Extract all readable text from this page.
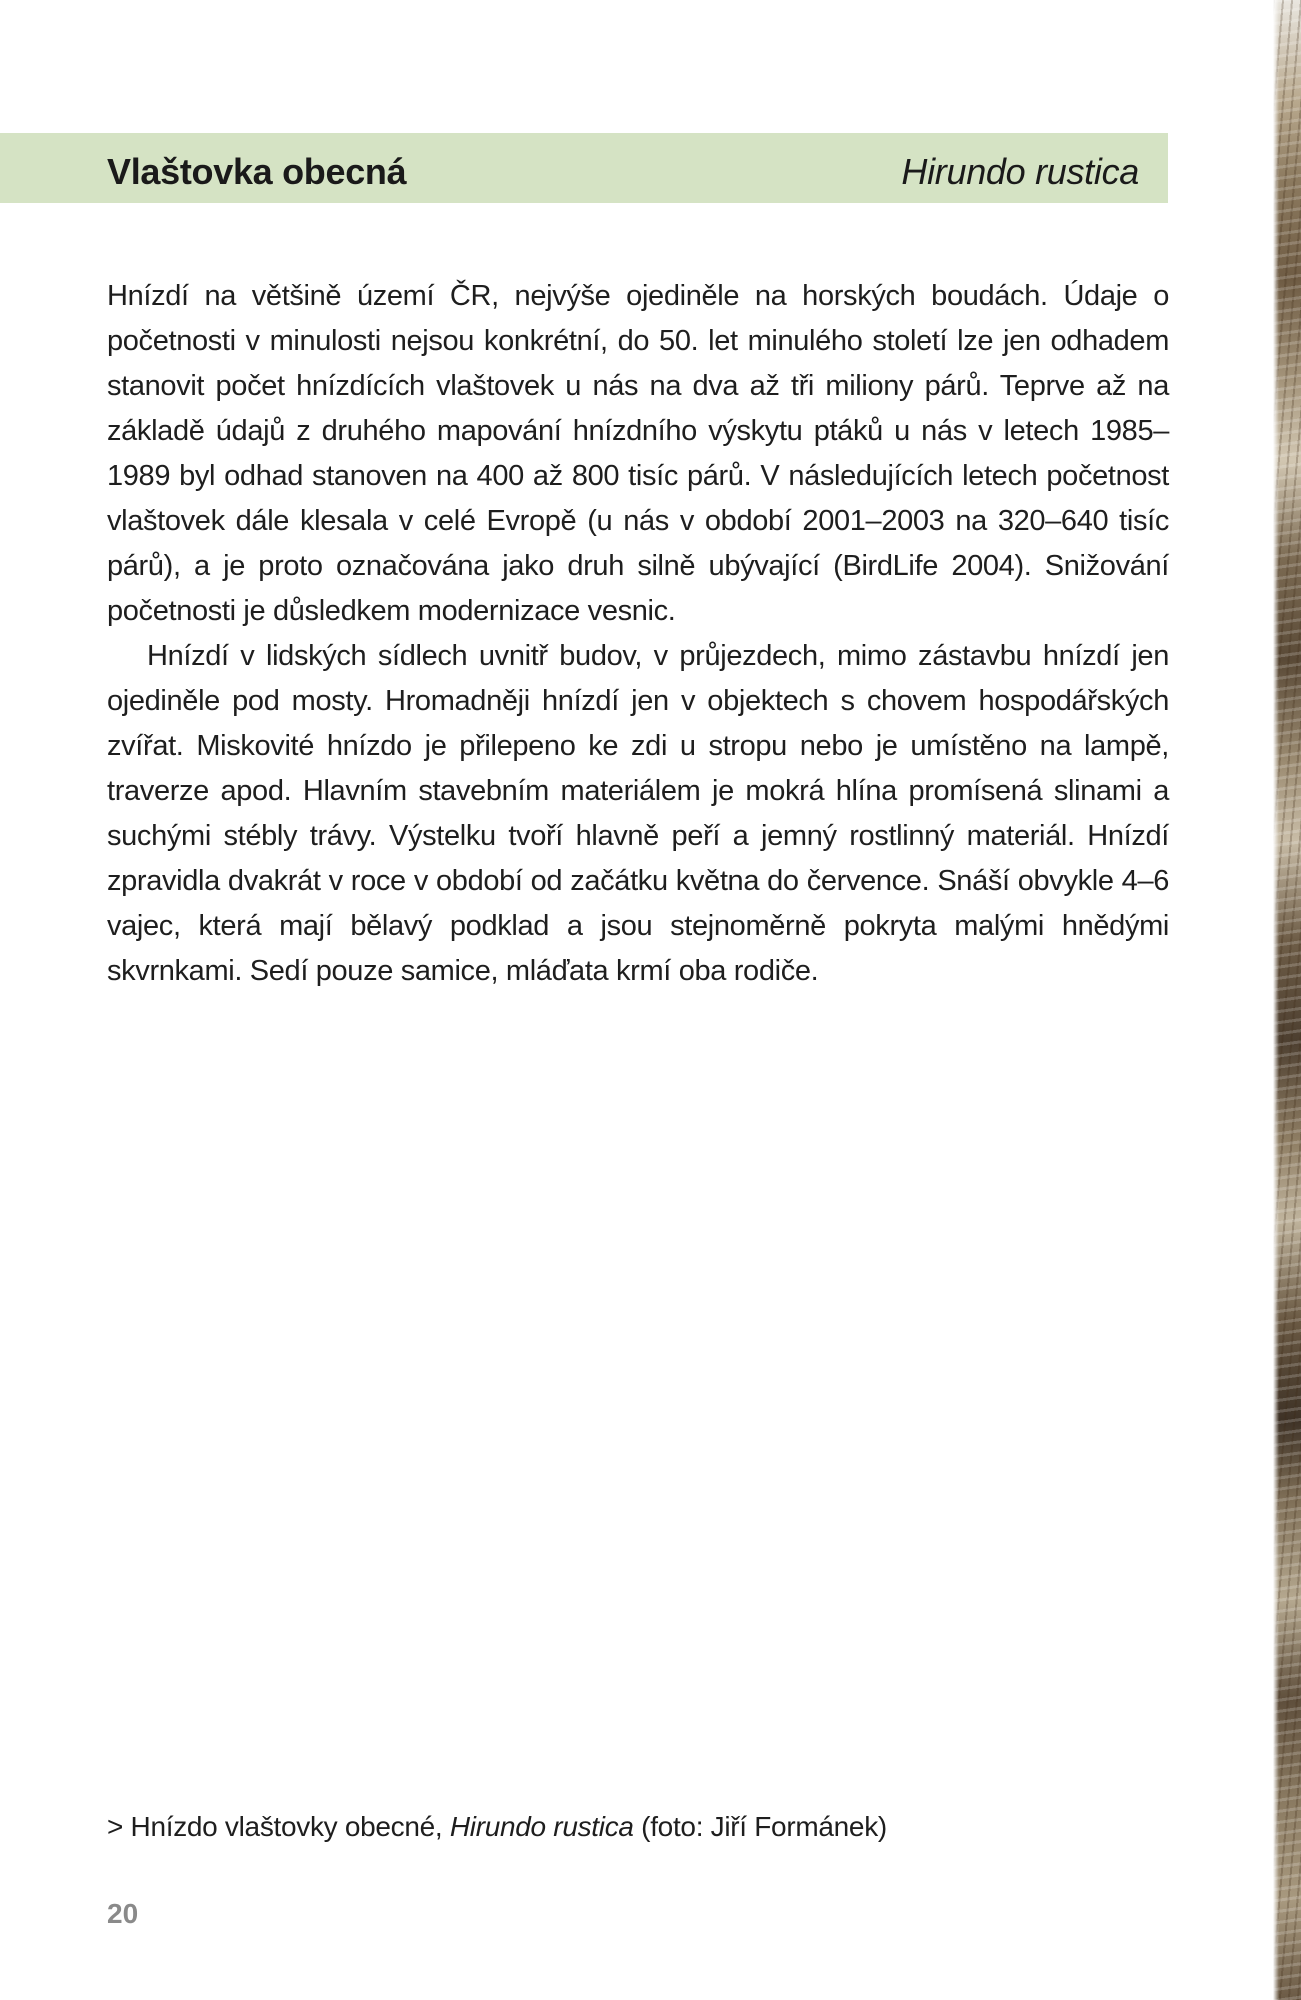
Vlaštovka obecná	Hirundo rustica

Hnízdí na většině území ČR, nejvýše ojediněle na horských boudách. Údaje o početnosti v minulosti nejsou konkrétní, do 50. let minulého století lze jen odhadem stanovit počet hnízdících vlaštovek u nás na dva až tři miliony párů. Teprve až na základě údajů z druhého mapování hnízdního výskytu ptáků u nás v letech 1985–1989 byl odhad stanoven na 400 až 800 tisíc párů. V následujících letech početnost vlaštovek dále klesala v celé Evropě (u nás v období 2001–2003 na 320–640 tisíc párů), a je proto označována jako druh silně ubývající (BirdLife 2004). Snižování početnosti je důsledkem modernizace vesnic.

Hnízdí v lidských sídlech uvnitř budov, v průjezdech, mimo zástavbu hnízdí jen ojediněle pod mosty. Hromadněji hnízdí jen v objektech s chovem hospodářských zvířat. Miskovité hnízdo je přilepeno ke zdi u stropu nebo je umístěno na lampě, traverze apod. Hlavním stavebním materiálem je mokrá hlína promísená slinami a suchými stébly trávy. Výstelku tvoří hlavně peří a jemný rostlinný materiál. Hnízdí zpravidla dvakrát v roce v období od začátku května do července. Snáší obvykle 4–6 vajec, která mají bělavý podklad a jsou stejnoměrně pokryta malými hnědými skvrnkami. Sedí pouze samice, mláďata krmí oba rodiče.

> Hnízdo vlaštovky obecné, Hirundo rustica (foto: Jiří Formánek)
20
